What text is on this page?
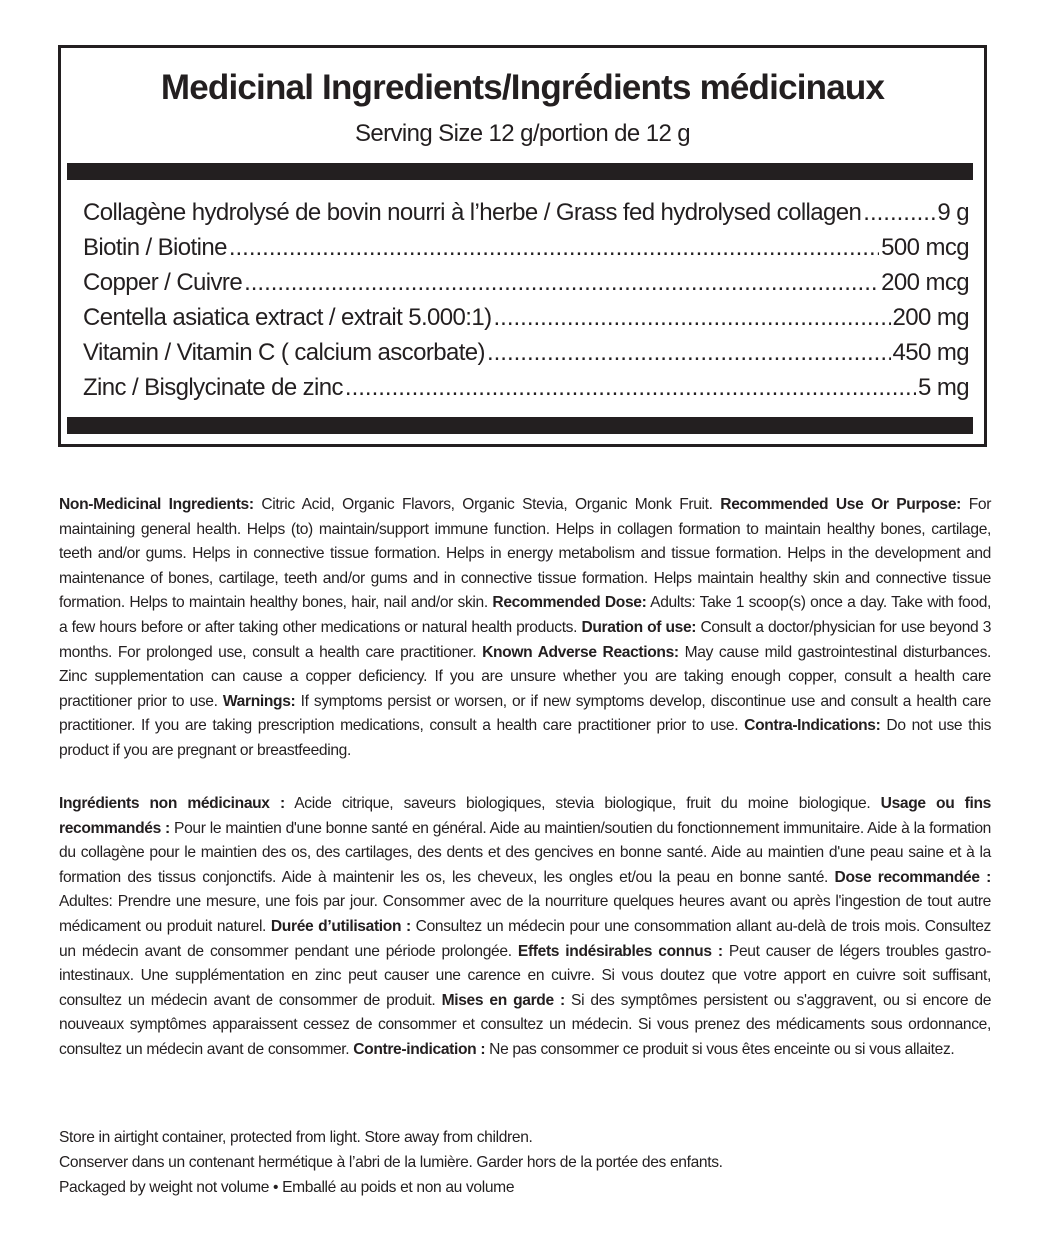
Medicinal Ingredients/Ingrédients médicinaux
Serving Size 12 g/portion de 12 g
Collagène hydrolysé de bovin nourri à l’herbe / Grass fed hydrolysed collagen .....	9 g
Biotin / Biotine .....	500 mcg
Copper / Cuivre .....	200 mcg
Centella asiatica extract / extrait 5.000:1) .....	200 mg
Vitamin / Vitamin C ( calcium ascorbate) .....	450 mg
Zinc / Bisglycinate de zinc .....	5 mg
Non-Medicinal Ingredients: Citric Acid, Organic Flavors, Organic Stevia, Organic Monk Fruit. Recommended Use Or Purpose: For maintaining general health. Helps (to) maintain/support immune function. Helps in collagen formation to maintain healthy bones, cartilage, teeth and/or gums. Helps in connective tissue formation. Helps in energy metabolism and tissue formation. Helps in the development and maintenance of bones, cartilage, teeth and/or gums and in connective tissue formation. Helps maintain healthy skin and connective tissue formation. Helps to maintain healthy bones, hair, nail and/or skin. Recommended Dose: Adults: Take 1 scoop(s) once a day. Take with food, a few hours before or after taking other medications or natural health products. Duration of use: Consult a doctor/physician for use beyond 3 months. For prolonged use, consult a health care practitioner. Known Adverse Reactions: May cause mild gastrointestinal disturbances. Zinc supplementation can cause a copper deficiency. If you are unsure whether you are taking enough copper, consult a health care practitioner prior to use. Warnings: If symptoms persist or worsen, or if new symptoms develop, discontinue use and consult a health care practitioner. If you are taking prescription medications, consult a health care practitioner prior to use. Contra-Indications: Do not use this product if you are pregnant or breastfeeding.
Ingrédients non médicinaux : Acide citrique, saveurs biologiques, stevia biologique, fruit du moine biologique. Usage ou fins recommandés : Pour le maintien d'une bonne santé en général. Aide au maintien/soutien du fonctionnement immunitaire. Aide à la formation du collagène pour le maintien des os, des cartilages, des dents et des gencives en bonne santé. Aide au maintien d'une peau saine et à la formation des tissus conjonctifs. Aide à maintenir les os, les cheveux, les ongles et/ou la peau en bonne santé. Dose recommandée : Adultes: Prendre une mesure, une fois par jour. Consommer avec de la nourriture quelques heures avant ou après l'ingestion de tout autre médicament ou produit naturel. Durée d’utilisation : Consultez un médecin pour une consommation allant au-delà de trois mois. Consultez un médecin avant de consommer pendant une période prolongée. Effets indésirables connus : Peut causer de légers troubles gastro-intestinaux. Une supplémentation en zinc peut causer une carence en cuivre. Si vous doutez que votre apport en cuivre soit suffisant, consultez un médecin avant de consommer de produit. Mises en garde : Si des symptômes persistent ou s'aggravent, ou si encore de nouveaux symptômes apparaissent cessez de consommer et consultez un médecin. Si vous prenez des médicaments sous ordonnance, consultez un médecin avant de consommer. Contre-indication : Ne pas consommer ce produit si vous êtes enceinte ou si vous allaitez.
Store in airtight container, protected from light. Store away from children.
Conserver dans un contenant hermétique à l’abri de la lumière. Garder hors de la portée des enfants.
Packaged by weight not volume • Emballé au poids et non au volume
